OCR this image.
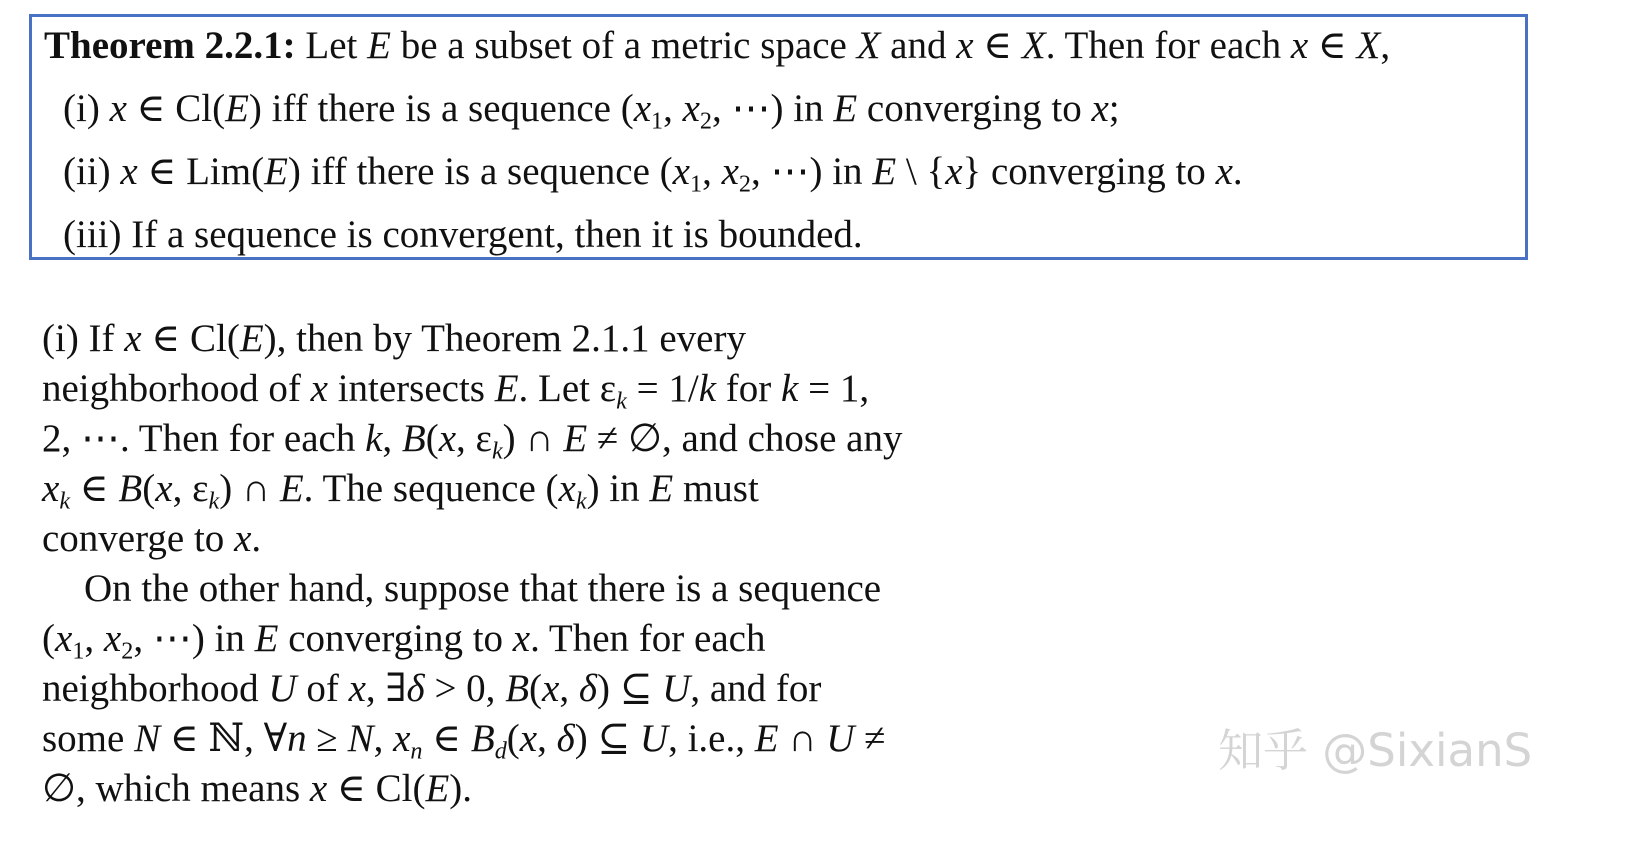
Theorem 2.2.1: Let E be a subset of a metric space X and x ∈ X. Then for each x ∈ X,
(i) x ∈ Cl(E) iff there is a sequence ($x_1$, $x_2$, ⋯) in E converging to x;
(ii) x ∈ Lim(E) iff there is a sequence ($x_1$, $x_2$, ⋯) in E \ {x} converging to x.
(iii) If a sequence is convergent, then it is bounded.
(i) If x ∈ Cl(E), then by Theorem 2.1.1 every
neighborhood of x intersects E. Let $\varepsilon_k = 1/k$ for k = 1,
2, ⋯. Then for each k, B(x, $\varepsilon_k$) ∩ E ≠ ∅, and chose any
$x_k$ ∈ B(x, $\varepsilon_k$) ∩ E. The sequence $(x_k)$ in E must
converge to x.
On the other hand, suppose that there is a sequence
($x_1$, $x_2$, ⋯) in E converging to x. Then for each
neighborhood U of x, ∃δ > 0, B(x, δ) ⊆ U, and for
some N ∈ ℕ, ∀n ≥ N, $x_n$ ∈ $B_d(x$, δ) ⊆ U, i.e., E ∩ U ≠
∅, which means x ∈ Cl(E).
知乎 @SixianS
